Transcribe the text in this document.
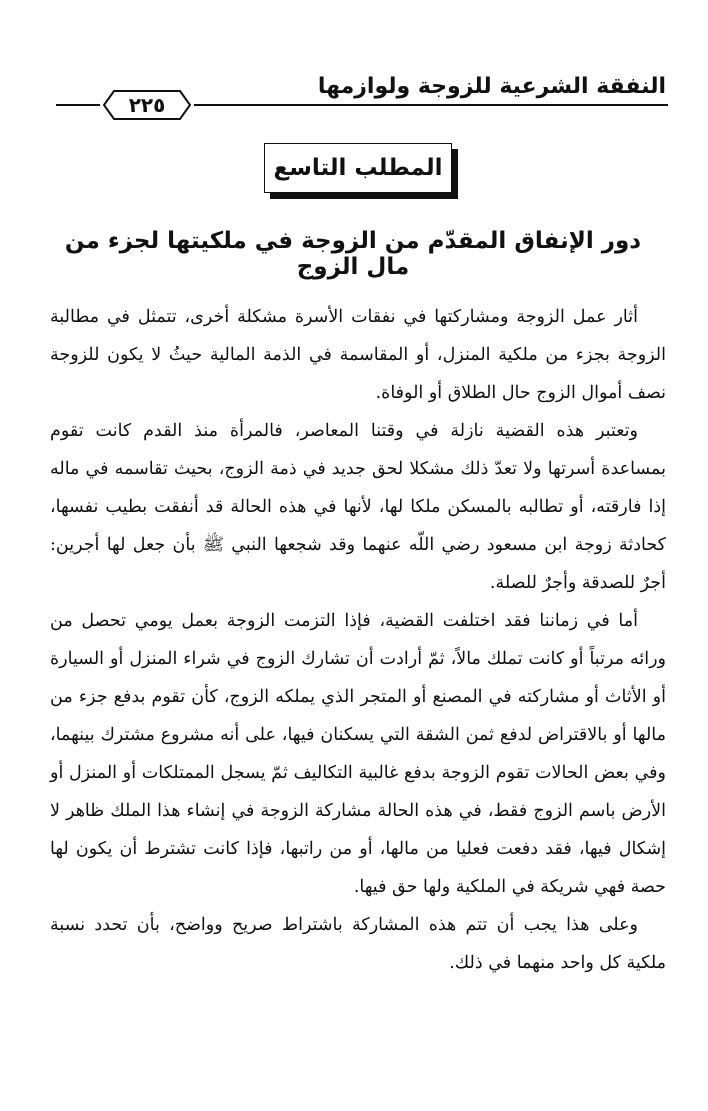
النفقة الشرعية للزوجة ولوازمها
٢٢٥
المطلب التاسع
دور الإنفاق المقدّم من الزوجة في ملكيتها لجزء من مال الزوج

أثار عمل الزوجة ومشاركتها في نفقات الأسرة مشكلة أخرى، تتمثل في مطالبة الزوجة بجزء من ملكية المنزل، أو المقاسمة في الذمة المالية حيثُ لا يكون للزوجة نصف أموال الزوج حال الطلاق أو الوفاة.

وتعتبر هذه القضية نازلة في وقتنا المعاصر، فالمرأة منذ القدم كانت تقوم بمساعدة أسرتها ولا تعدّ ذلك مشكلا لحق جديد في ذمة الزوج، بحيث تقاسمه في ماله إذا فارقته، أو تطالبه بالمسكن ملكا لها، لأنها في هذه الحالة قد أنفقت بطيب نفسها، كحادثة زوجة ابن مسعود رضي اللّه عنهما وقد شجعها النبي ﷺ بأن جعل لها أجرين: أجرٌ للصدقة وأجرٌ للصلة.

أما في زماننا فقد اختلفت القضية، فإذا التزمت الزوجة بعمل يومي تحصل من ورائه مرتباً أو كانت تملك مالاً، ثمّ أرادت أن تشارك الزوج في شراء المنزل أو السيارة أو الأثاث أو مشاركته في المصنع أو المتجر الذي يملكه الزوج، كأن تقوم بدفع جزء من مالها أو بالاقتراض لدفع ثمن الشقة التي يسكنان فيها، على أنه مشروع مشترك بينهما، وفي بعض الحالات تقوم الزوجة بدفع غالبية التكاليف ثمّ يسجل الممتلكات أو المنزل أو الأرض باسم الزوج فقط، في هذه الحالة مشاركة الزوجة في إنشاء هذا الملك ظاهر لا إشكال فيها، فقد دفعت فعليا من مالها، أو من راتبها، فإذا كانت تشترط أن يكون لها حصة فهي شريكة في الملكية ولها حق فيها.

وعلى هذا يجب أن تتم هذه المشاركة باشتراط صريح وواضح، بأن تحدد نسبة ملكية كل واحد منهما في ذلك.
